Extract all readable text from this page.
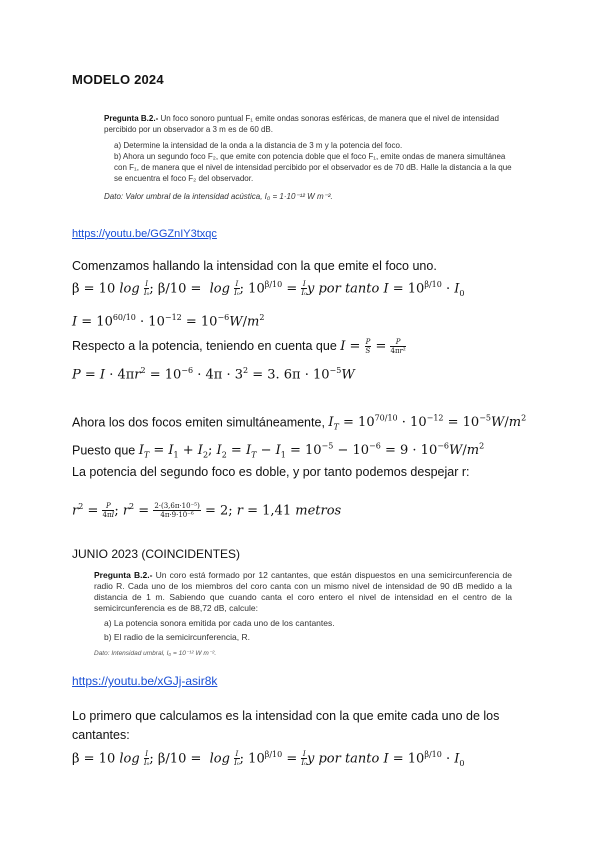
MODELO 2024
Pregunta B.2.- Un foco sonoro puntual F₁ emite ondas sonoras esféricas, de manera que el nivel de intensidad percibido por un observador a 3 m es de 60 dB.
a) Determine la intensidad de la onda a la distancia de 3 m y la potencia del foco.
b) Ahora un segundo foco F₂, que emite con potencia doble que el foco F₁, emite ondas de manera simultánea con F₁, de manera que el nivel de intensidad percibido por el observador es de 70 dB. Halle la distancia a la que se encuentra el foco F₂ del observador.
Dato: Valor umbral de la intensidad acústica, I₀ = 1·10⁻¹² W m⁻².
https://youtu.be/GGZnIY3txqc
Comenzamos hallando la intensidad con la que emite el foco uno.
β = 10 $\log \frac{I}{\text{I₀}}$ ; $\beta/10 = \log \frac{I}{\text{I₀}}$ ; $10^{\beta/10} = \frac{I}{\text{I₀}}$ y por tanto $I = 10^{\beta/10} \cdot I_0$
$I = 10^{60/10} \cdot 10^{-12} = 10^{-6}W/m^2$
Respecto a la potencia, teniendo en cuenta que $I = \frac{P}{S} = \frac{P}{\text{4πr²}}$
$P = I \cdot 4\pi r^2 = 10^{-6} \cdot 4\pi \cdot 3^2 = 3$. $6\pi \cdot 10^{-5}W$
Ahora los dos focos emiten simultáneamente, $I_T = 10^{70/10} \cdot 10^{-12} = 10^{-5}W/m^2$
Puesto que $I_T = I_1 + I_2$; $I_2 = I_T - I_1 = 10^{-5} - 10^{-6} = 9 \cdot 10^{-6}W/m^2$
La potencia del segundo foco es doble, y por tanto podemos despejar r:
$r^2 = \frac{P}{4\pi I}$ ; $r^2 = \frac{\text{2·(3,6π·10⁻⁵)}}{\text{4π·9·10⁻⁶}} = 2$; r = 1,41 metros
JUNIO 2023 (COINCIDENTES)
Pregunta B.2.- Un coro está formado por 12 cantantes, que están dispuestos en una semicircunferencia de radio R. Cada uno de los miembros del coro canta con un mismo nivel de intensidad de 90 dB medido a la distancia de 1 m. Sabiendo que cuando canta el coro entero el nivel de intensidad en el centro de la semicircunferencia es de 88,72 dB, calcule:
a) La potencia sonora emitida por cada uno de los cantantes.
b) El radio de la semicircunferencia, R.
Dato: Intensidad umbral, I₀ = 10⁻¹² W m⁻².
https://youtu.be/xGJj-asir8k
Lo primero que calculamos es la intensidad con la que emite cada uno de los cantantes:
β = 10 $\log \frac{I}{\text{I₀}}$ ; $\beta/10 = \log \frac{I}{\text{I₀}}$ ; $10^{\beta/10} = \frac{I}{\text{I₀}}$ y por tanto $I = 10^{\beta/10} \cdot I_0$
